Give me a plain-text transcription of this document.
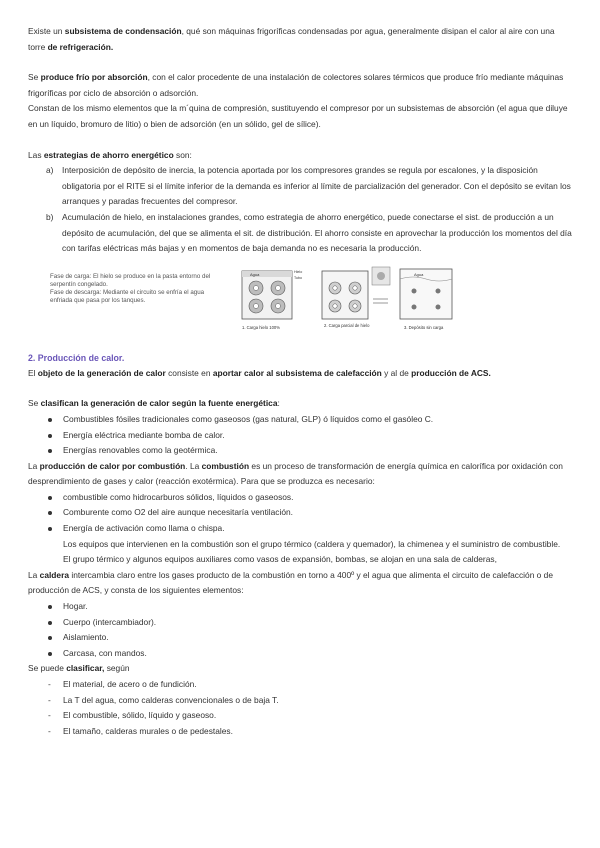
Existe un subsistema de condensación, qué son máquinas frigoríficas condensadas por agua, generalmente disipan el calor al aire con una torre de refrigeración.

Se produce frío por absorción, con el calor procedente de una instalación de colectores solares térmicos que produce frío mediante máquinas frigoríficas por ciclo de absorción o adsorción.

Constan de los mismo elementos que la m´quina de compresión, sustituyendo el compresor por un subsistemas de absorción (el agua que diluye en un líquido, bromuro de litio) o bien de adsorción (en un sólido, gel de sílice).

Las estrategias de ahorro energético son:

a) Interposición de depósito de inercia, la potencia aportada por los compresores grandes se regula por escalones, y la disposición obligatoria por el RITE si el límite inferior de la demanda es inferior al límite de parcialización del generador. Con el depósito se evitan los arranques y paradas frecuentes del compresor.
b) Acumulación de hielo, en instalaciones grandes, como estrategia de ahorro energético, puede conectarse el sist. de producción a un depósito de acumulación, del que se alimenta el sit. de distribución. El ahorro consiste en aprovechar la producción los momentos del día con tarifas eléctricas más bajas y en momentos de baja demanda no es necesaria la producción.
Fase de carga: El hielo se produce en la pasta entorno del serpentín congelado.
Fase de descarga: Mediante el circuito se enfría el agua enfriada que pasa por los tanques.
Agua	Hielo
Tubo
1. Carga hielo 100%	2. Carga parcial de hielo
Agua
3. Depósito sin carga
2. Producción de calor.

El objeto de la generación de calor consiste en aportar calor al subsistema de calefacción y al de producción de ACS.

Se clasifican la generación de calor según la fuente energética:

Combustibles fósiles tradicionales como gaseosos (gas natural, GLP) ó líquidos como el gasóleo C.
Energía eléctrica mediante bomba de calor.
Energías renovables como la geotérmica.

La producción de calor por combustión. La combustión es un proceso de transformación de energía química en calorífica por oxidación con desprendimiento de gases y calor (reacción exotérmica). Para que se produzca es necesario:

combustible como hidrocarburos sólidos, líquidos o gaseosos.
Comburente como O2 del aire aunque necesitaría ventilación.
Energía de activación como llama o chispa.
Los equipos que intervienen en la combustión son el grupo térmico (caldera y quemador), la chimenea y el suministro de combustible.
El grupo térmico y algunos equipos auxiliares como vasos de expansión, bombas, se alojan en una sala de calderas,

La caldera intercambia claro entre los gases producto de la combustión en torno a 400º y el agua que alimenta el circuito de calefacción o de producción de ACS, y consta de los siguientes elementos:

Hogar.
Cuerpo (intercambiador).
Aislamiento.
Carcasa, con mandos.

Se puede clasificar, según

- El material, de acero o de fundición.
- La T del agua, como calderas convencionales o de baja T.
- El combustible, sólido, líquido y gaseoso.
- El tamaño, calderas murales o de pedestales.
